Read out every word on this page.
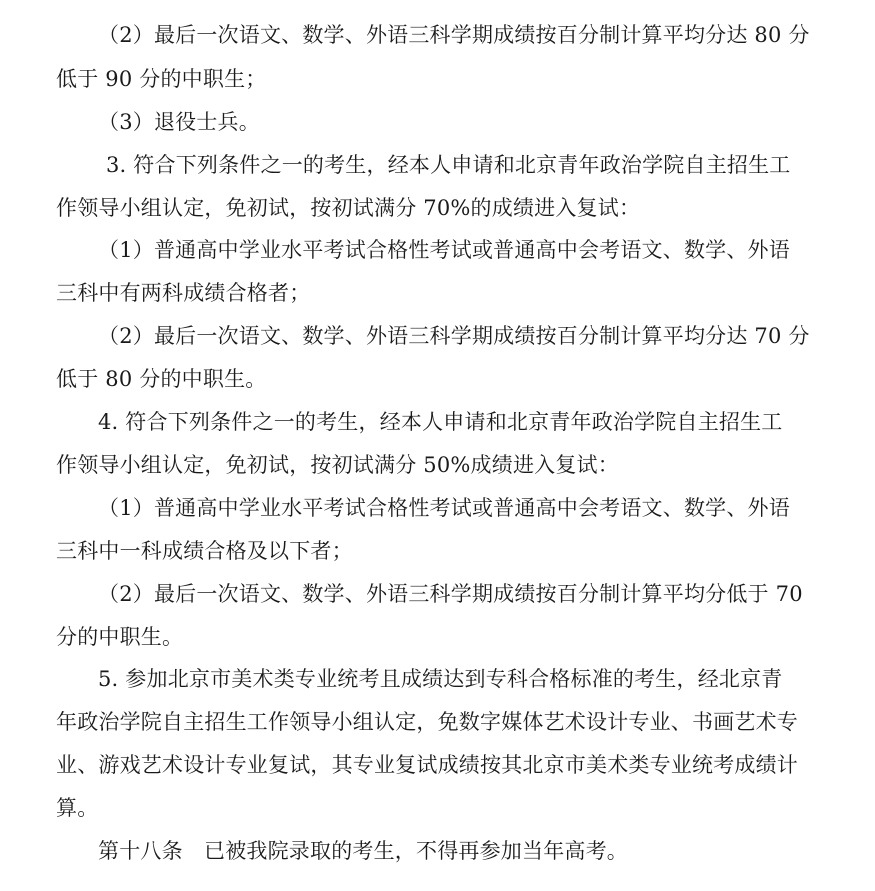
（2）最后一次语文、数学、外语三科学期成绩按百分制计算平均分达 80 分
低于 90 分的中职生；
（3）退役士兵。
3. 符合下列条件之一的考生，经本人申请和北京青年政治学院自主招生工
作领导小组认定，免初试，按初试满分 70%的成绩进入复试：
（1）普通高中学业水平考试合格性考试或普通高中会考语文、数学、外语
三科中有两科成绩合格者；
（2）最后一次语文、数学、外语三科学期成绩按百分制计算平均分达 70 分
低于 80 分的中职生。
4. 符合下列条件之一的考生，经本人申请和北京青年政治学院自主招生工
作领导小组认定，免初试，按初试满分 50%成绩进入复试：
（1）普通高中学业水平考试合格性考试或普通高中会考语文、数学、外语
三科中一科成绩合格及以下者；
（2）最后一次语文、数学、外语三科学期成绩按百分制计算平均分低于 70
分的中职生。
5. 参加北京市美术类专业统考且成绩达到专科合格标准的考生，经北京青
年政治学院自主招生工作领导小组认定，免数字媒体艺术设计专业、书画艺术专
业、游戏艺术设计专业复试，其专业复试成绩按其北京市美术类专业统考成绩计
算。
第十八条　已被我院录取的考生，不得再参加当年高考。
